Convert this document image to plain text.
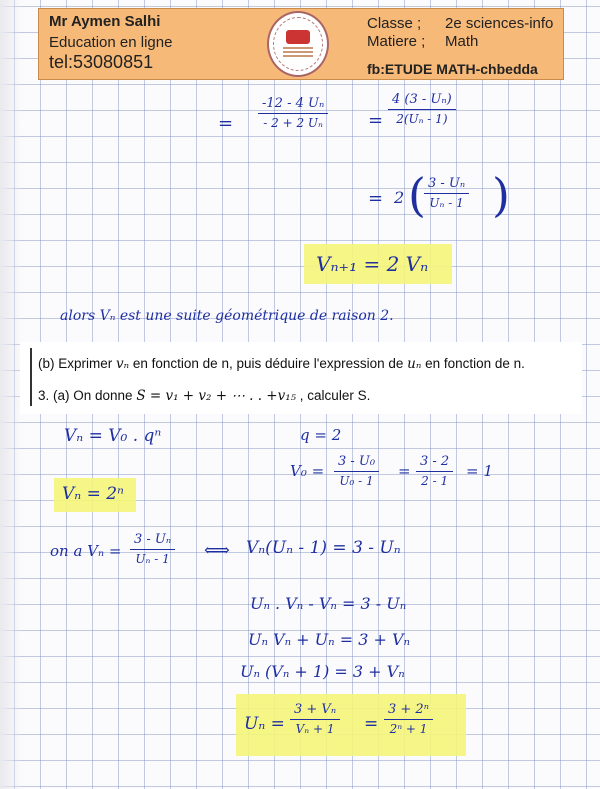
Mr Aymen Salhi
Education en ligne
tel:53080851
Classe ;	2e sciences-info
Matiere ;	Math
fb:ETUDE MATH-chbedda
=
-12 - 4 Uₙ
- 2 + 2 Uₙ	=
4 (3 - Uₙ)
2(Uₙ - 1)
= 2 ( 3 - Uₙ
Uₙ - 1 )
Vₙ₊₁ = 2 Vₙ
alors Vₙ est une suite géométrique de raison 2.
(b) Exprimer vₙ en fonction de n, puis déduire l'expression de uₙ en fonction de n.
3. (a) On donne S = v₁ + v₂ + ⋯ . . +v₁₅ , calculer S.
Vₙ = V₀ . qⁿ	q = 2
V₀ =
3 - U₀
U₀ - 1
=
3 - 2
2 - 1
= 1
Vₙ = 2ⁿ
on a Vₙ =
3 - Uₙ
Uₙ - 1 ⟺ Vₙ(Uₙ - 1) = 3 - Uₙ
Uₙ . Vₙ - Vₙ = 3 - Uₙ
Uₙ Vₙ + Uₙ = 3 + Vₙ
Uₙ (Vₙ + 1) = 3 + Vₙ
Uₙ =
3 + Vₙ
Vₙ + 1 =
3 + 2ⁿ
2ⁿ + 1
